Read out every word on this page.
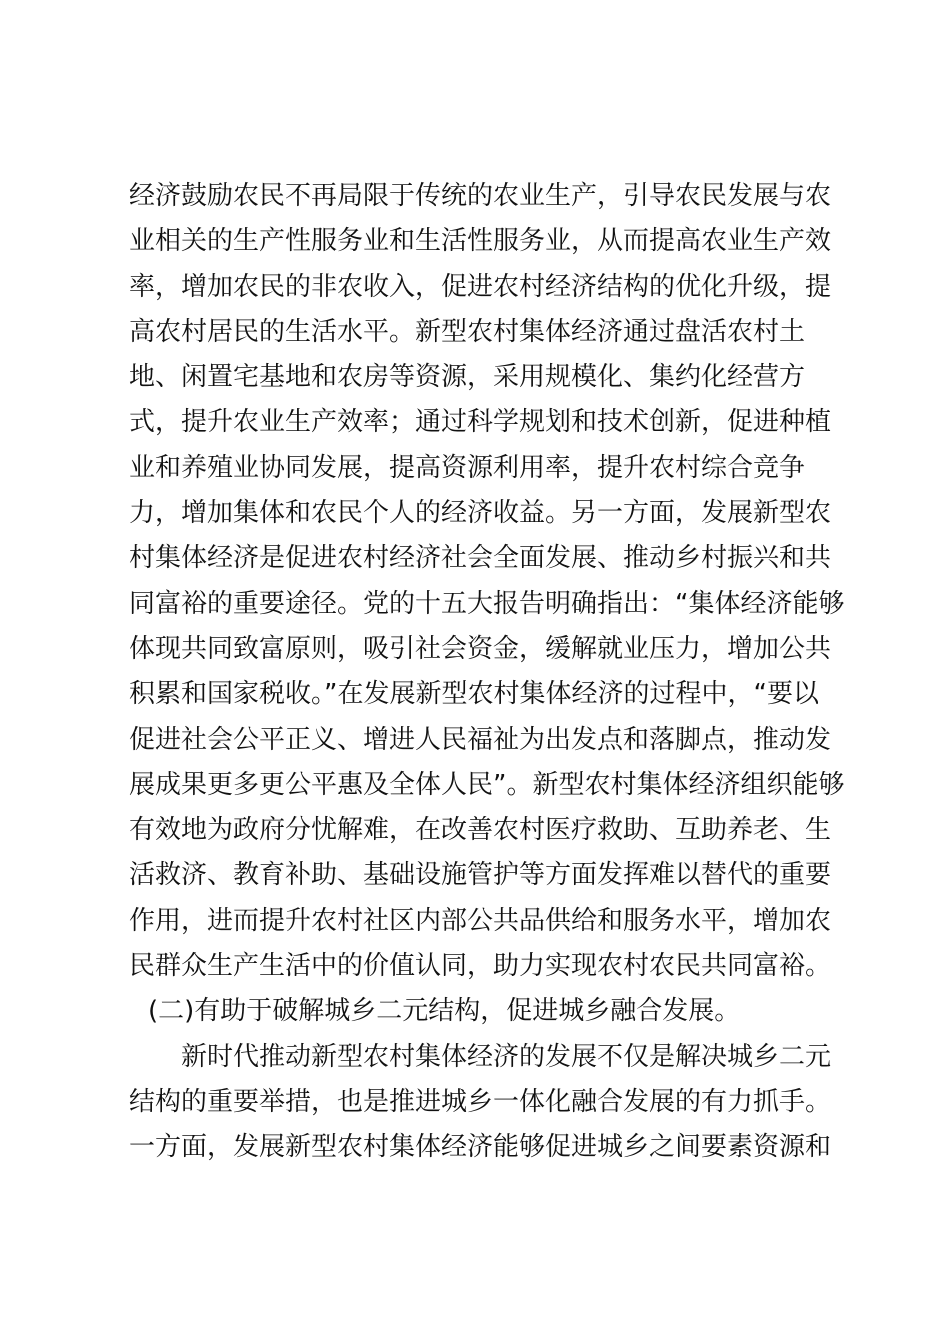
经济鼓励农民不再局限于传统的农业生产，引导农民发展与农
业相关的生产性服务业和生活性服务业，从而提高农业生产效
率，增加农民的非农收入，促进农村经济结构的优化升级，提
高农村居民的生活水平。新型农村集体经济通过盘活农村土
地、闲置宅基地和农房等资源，采用规模化、集约化经营方
式，提升农业生产效率；通过科学规划和技术创新，促进种植
业和养殖业协同发展，提高资源利用率，提升农村综合竞争
力，增加集体和农民个人的经济收益。另一方面，发展新型农
村集体经济是促进农村经济社会全面发展、推动乡村振兴和共
同富裕的重要途径。党的十五大报告明确指出：“集体经济能够
体现共同致富原则，吸引社会资金，缓解就业压力，增加公共
积累和国家税收。”在发展新型农村集体经济的过程中，“要以
促进社会公平正义、增进人民福祉为出发点和落脚点，推动发
展成果更多更公平惠及全体人民”。新型农村集体经济组织能够
有效地为政府分忧解难，在改善农村医疗救助、互助养老、生
活救济、教育补助、基础设施管护等方面发挥难以替代的重要
作用，进而提升农村社区内部公共品供给和服务水平，增加农
民群众生产生活中的价值认同，助力实现农村农民共同富裕。
(二)有助于破解城乡二元结构，促进城乡融合发展。
新时代推动新型农村集体经济的发展不仅是解决城乡二元
结构的重要举措，也是推进城乡一体化融合发展的有力抓手。
一方面，发展新型农村集体经济能够促进城乡之间要素资源和
